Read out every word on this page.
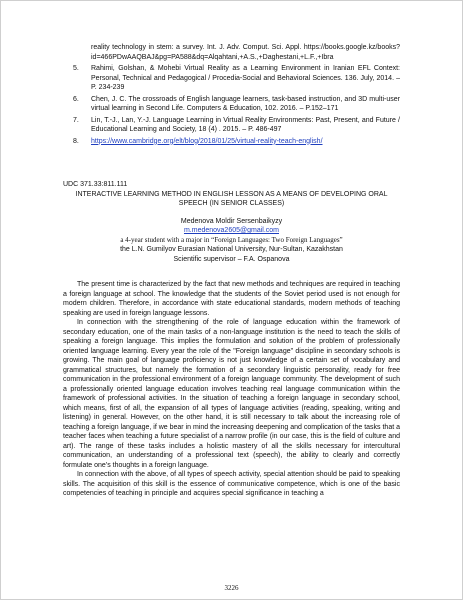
reality technology in stem: a survey. Int. J. Adv. Comput. Sci. Appl. https://books.google.kz/books?id=466PDwAAQBAJ&pg=PA588&dq=Alqahtani,+A.S.,+Daghestani,+L.F.,+Ibra
5. Rahimi, Golshan, & Mohebi Virtual Reality as a Learning Environment in Iranian EFL Context: Personal, Technical and Pedagogical / Procedia-Social and Behavioral Sciences. 136. July, 2014. – P. 234-239
6. Chen, J. C. The crossroads of English language learners, task-based instruction, and 3D multi-user virtual learning in Second Life. Computers & Education, 102. 2016. – P.152–171
7. Lin, T.-J., Lan, Y.-J. Language Learning in Virtual Reality Environments: Past, Present, and Future / Educational Learning and Society, 18 (4) . 2015. – P. 486-497
8. https://www.cambridge.org/elt/blog/2018/01/25/virtual-reality-teach-english/
UDC 371.33:811.111
INTERACTIVE LEARNING METHOD IN ENGLISH LESSON AS A MEANS OF DEVELOPING ORAL SPEECH (IN SENIOR CLASSES)
Medenova Moldir Sersenbaikyzy
m.medenova2605@gmail.com
a 4-year student with a major in “Foreign Languages: Two Foreign Languages”
the L.N. Gumilyov Eurasian National University, Nur-Sultan, Kazakhstan
Scientific supervisor – F.A. Ospanova

The present time is characterized by the fact that new methods and techniques are required in teaching a foreign language at school. The knowledge that the students of the Soviet period used is not enough for modern children. Therefore, in accordance with state educational standards, modern methods of teaching speaking are used in foreign language lessons.

In connection with the strengthening of the role of language education within the framework of secondary education, one of the main tasks of a non-language institution is the need to teach the skills of speaking a foreign language. This implies the formulation and solution of the problem of professionally oriented language learning. Every year the role of the "Foreign language" discipline in secondary schools is growing. The main goal of language proficiency is not just knowledge of a certain set of vocabulary and grammatical structures, but namely the formation of a secondary linguistic personality, ready for free communication in the professional environment of a foreign language community. The development of such a professionally oriented language education involves teaching real language communication within the framework of professional activities. In the situation of teaching a foreign language in secondary school, which means, first of all, the expansion of all types of language activities (reading, speaking, writing and listening) in general. However, on the other hand, it is still necessary to talk about the increasing role of teaching a foreign language, if we bear in mind the increasing deepening and complication of the tasks that a teacher faces when teaching a future specialist of a narrow profile (in our case, this is the field of culture and art). The range of these tasks includes a holistic mastery of all the skills necessary for intercultural communication, an understanding of a professional text (speech), the ability to clearly and correctly formulate one’s thoughts in a foreign language.

In connection with the above, of all types of speech activity, special attention should be paid to speaking skills. The acquisition of this skill is the essence of communicative competence, which is one of the basic competencies of teaching in principle and acquires special significance in teaching a

3226
